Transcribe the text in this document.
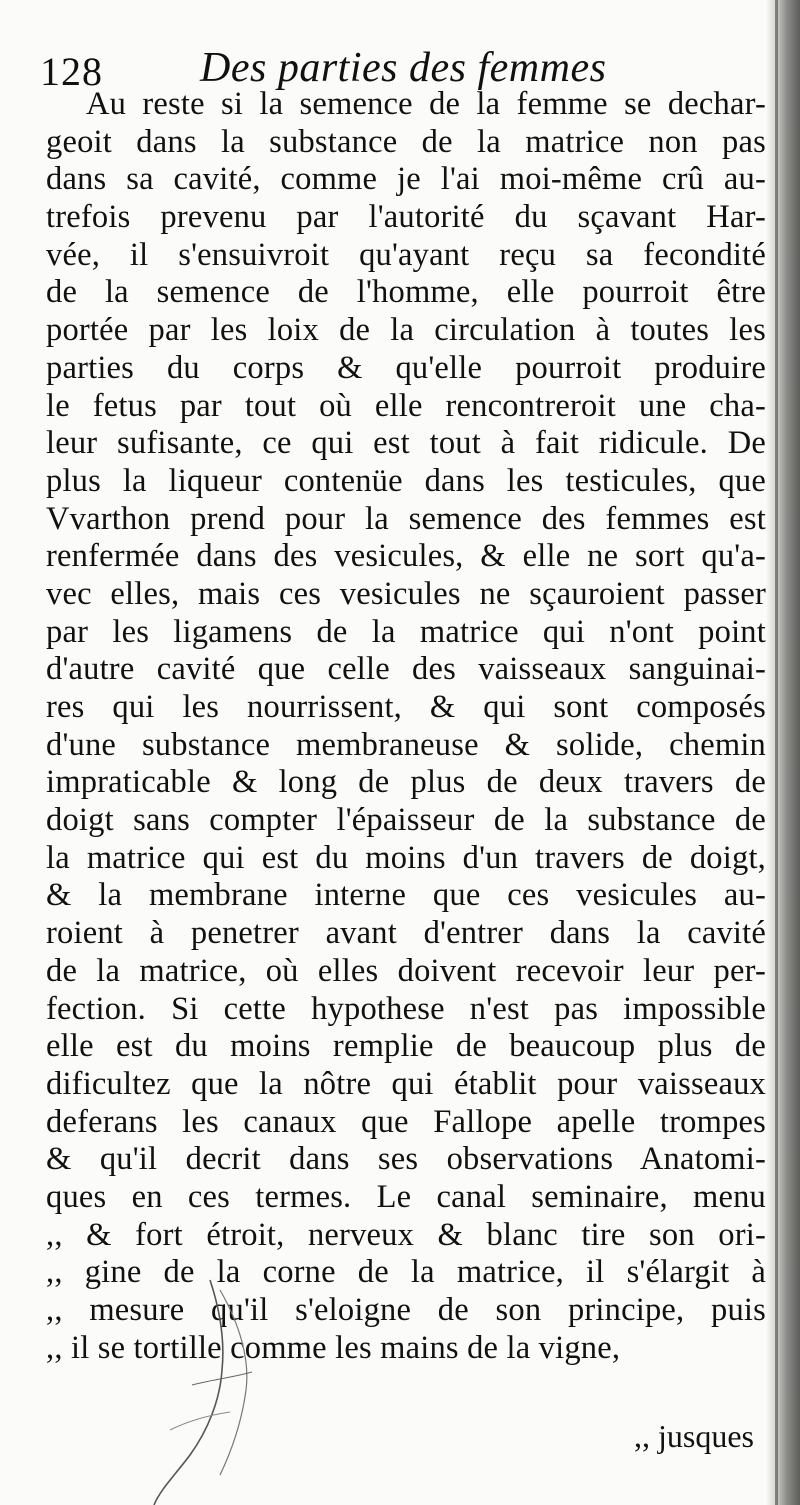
128 Des parties des femmes
Au reste si la semence de la femme se dechar-
geoit dans la substance de la matrice non pas
dans sa cavité, comme je l'ai moi-même crû au-
trefois prevenu par l'autorité du sçavant Har-
vée, il s'ensuivroit qu'ayant reçu sa fecondité
de la semence de l'homme, elle pourroit être
portée par les loix de la circulation à toutes les
parties du corps & qu'elle pourroit produire
le fetus par tout où elle rencontreroit une cha-
leur sufisante, ce qui est tout à fait ridicule. De
plus la liqueur contenüe dans les testicules, que
Vvarthon prend pour la semence des femmes est
renfermée dans des vesicules, & elle ne sort qu'a-
vec elles, mais ces vesicules ne sçauroient passer
par les ligamens de la matrice qui n'ont point
d'autre cavité que celle des vaisseaux sanguinai-
res qui les nourrissent, & qui sont composés
d'une substance membraneuse & solide, chemin
impraticable & long de plus de deux travers de
doigt sans compter l'épaisseur de la substance de
la matrice qui est du moins d'un travers de doigt,
& la membrane interne que ces vesicules au-
roient à penetrer avant d'entrer dans la cavité
de la matrice, où elles doivent recevoir leur per-
fection. Si cette hypothese n'est pas impossible
elle est du moins remplie de beaucoup plus de
dificultez que la nôtre qui établit pour vaisseaux
deferans les canaux que Fallope apelle trompes
& qu'il decrit dans ses observations Anatomi-
ques en ces termes. Le canal seminaire, menu
,, & fort étroit, nerveux & blanc tire son ori-
,, gine de la corne de la matrice, il s'élargit à
,, mesure qu'il s'eloigne de son principe, puis
,, il se tortille comme les mains de la vigne,
,, jusques
